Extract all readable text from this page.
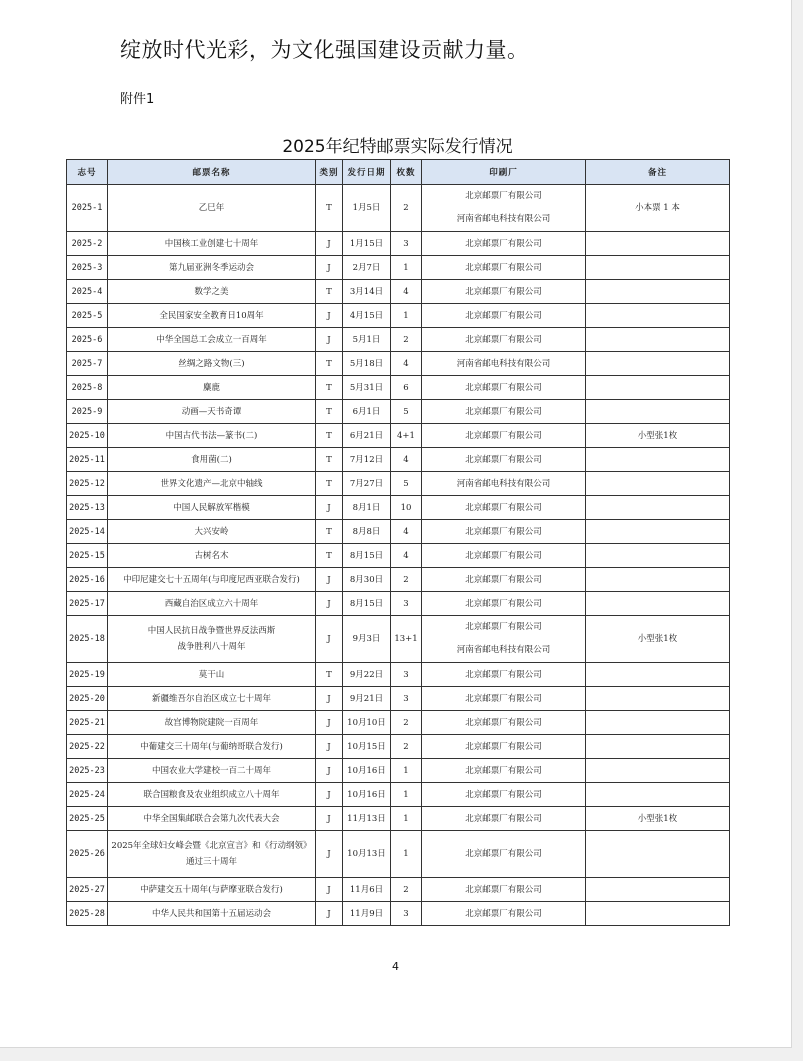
绽放时代光彩，为文化强国建设贡献力量。
附件1
2025年纪特邮票实际发行情况
志号	邮票名称	类别	发行日期	枚数	印刷厂	备注
2025-1	乙巳年	T	1月5日	2	北京邮票厂有限公司
河南省邮电科技有限公司	小本票 1 本
2025-2	中国核工业创建七十周年	J	1月15日	3	北京邮票厂有限公司	
2025-3	第九届亚洲冬季运动会	J	2月7日	1	北京邮票厂有限公司	
2025-4	数学之美	T	3月14日	4	北京邮票厂有限公司	
2025-5	全民国家安全教育日10周年	J	4月15日	1	北京邮票厂有限公司	
2025-6	中华全国总工会成立一百周年	J	5月1日	2	北京邮票厂有限公司	
2025-7	丝绸之路文物(三)	T	5月18日	4	河南省邮电科技有限公司	
2025-8	麋鹿	T	5月31日	6	北京邮票厂有限公司	
2025-9	动画—天书奇谭	T	6月1日	5	北京邮票厂有限公司	
2025-10	中国古代书法—篆书(二)	T	6月21日	4+1	北京邮票厂有限公司	小型张1枚
2025-11	食用菌(二)	T	7月12日	4	北京邮票厂有限公司	
2025-12	世界文化遗产—北京中轴线	T	7月27日	5	河南省邮电科技有限公司	
2025-13	中国人民解放军楷模	J	8月1日	10	北京邮票厂有限公司	
2025-14	大兴安岭	T	8月8日	4	北京邮票厂有限公司	
2025-15	古树名木	T	8月15日	4	北京邮票厂有限公司	
2025-16	中印尼建交七十五周年(与印度尼西亚联合发行)	J	8月30日	2	北京邮票厂有限公司	
2025-17	西藏自治区成立六十周年	J	8月15日	3	北京邮票厂有限公司	
2025-18	中国人民抗日战争暨世界反法西斯
战争胜利八十周年	J	9月3日	13+1	北京邮票厂有限公司
河南省邮电科技有限公司	小型张1枚
2025-19	莫干山	T	9月22日	3	北京邮票厂有限公司	
2025-20	新疆维吾尔自治区成立七十周年	J	9月21日	3	北京邮票厂有限公司	
2025-21	故宫博物院建院一百周年	J	10月10日	2	北京邮票厂有限公司	
2025-22	中葡建交三十周年(与葡纳哥联合发行)	J	10月15日	2	北京邮票厂有限公司	
2025-23	中国农业大学建校一百二十周年	J	10月16日	1	北京邮票厂有限公司	
2025-24	联合国粮食及农业组织成立八十周年	J	10月16日	1	北京邮票厂有限公司	
2025-25	中华全国集邮联合会第九次代表大会	J	11月13日	1	北京邮票厂有限公司	小型张1枚
2025-26	2025年全球妇女峰会暨《北京宣言》和《行动纲领》
通过三十周年	J	10月13日	1	北京邮票厂有限公司	
2025-27	中萨建交五十周年(与萨摩亚联合发行)	J	11月6日	2	北京邮票厂有限公司	
2025-28	中华人民共和国第十五届运动会	J	11月9日	3	北京邮票厂有限公司	
4
